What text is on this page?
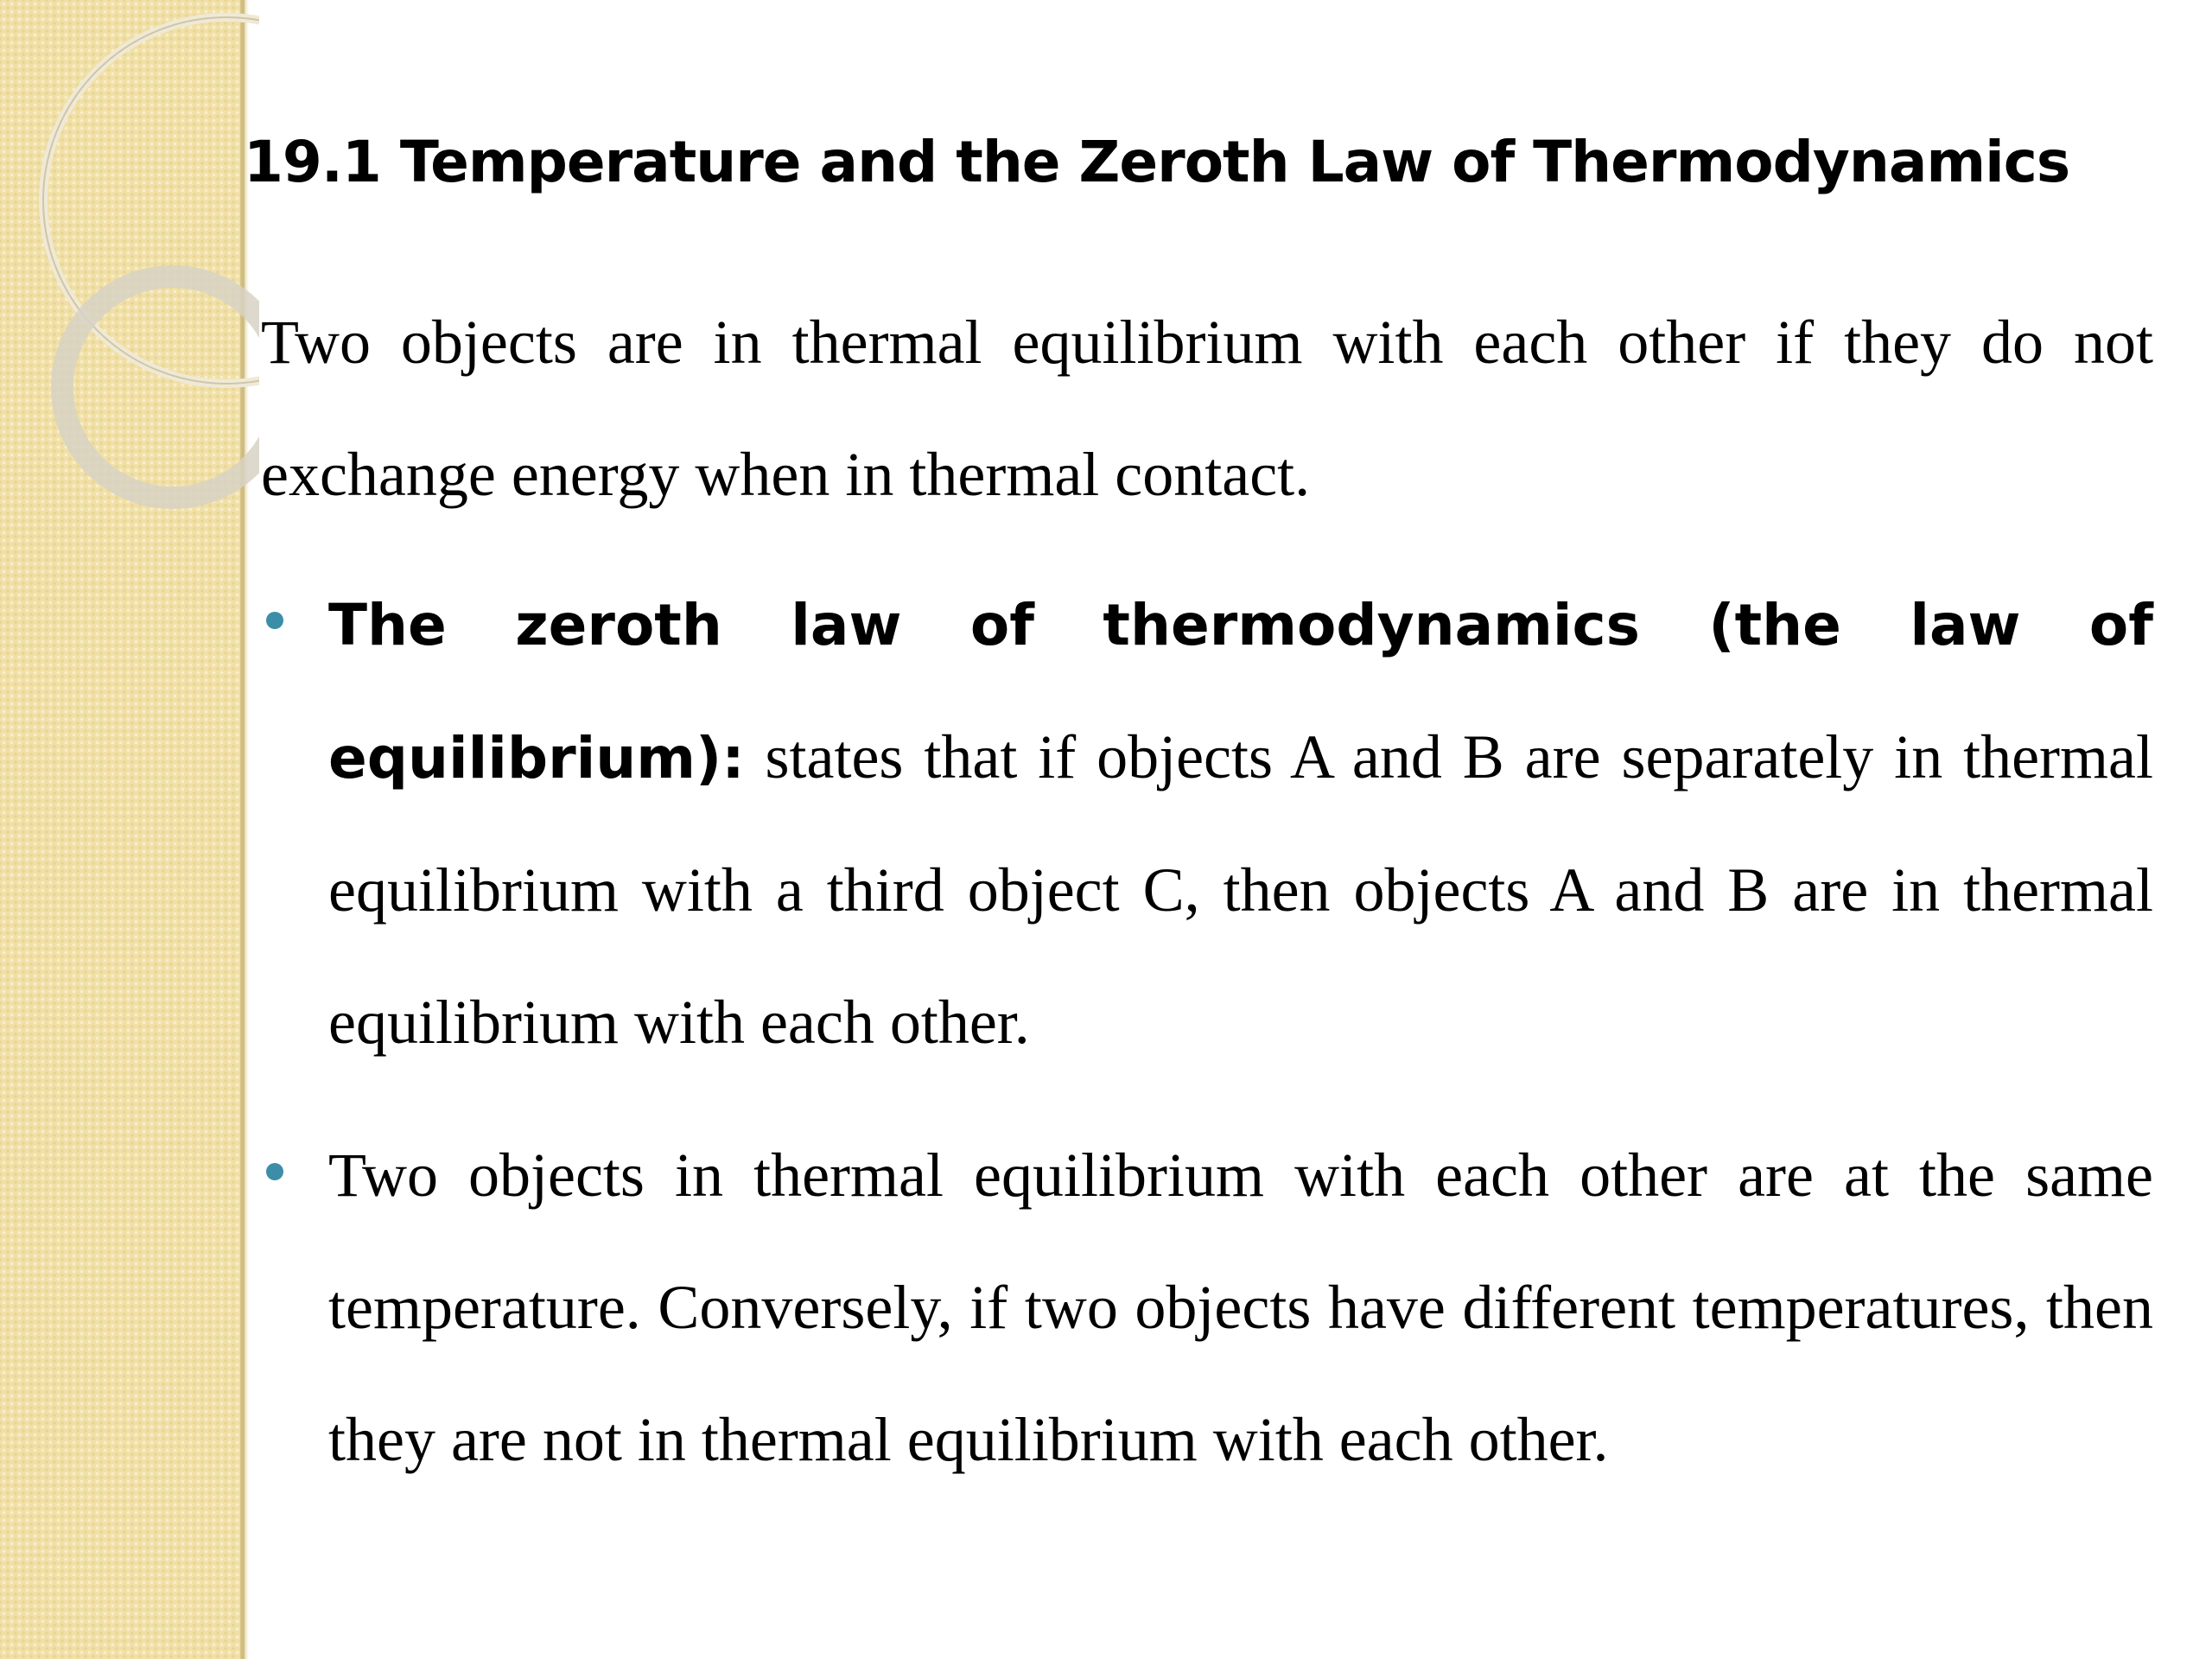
19.1 Temperature and the Zeroth Law of Thermodynamics

Two objects are in thermal equilibrium with each other if they do not exchange energy when in thermal contact.

The zeroth law of thermodynamics (the law of equilibrium): states that if objects A and B are separately in thermal equilibrium with a third object C, then objects A and B are in thermal equilibrium with each other.

Two objects in thermal equilibrium with each other are at the same temperature. Conversely, if two objects have different temperatures, then they are not in thermal equilibrium with each other.
